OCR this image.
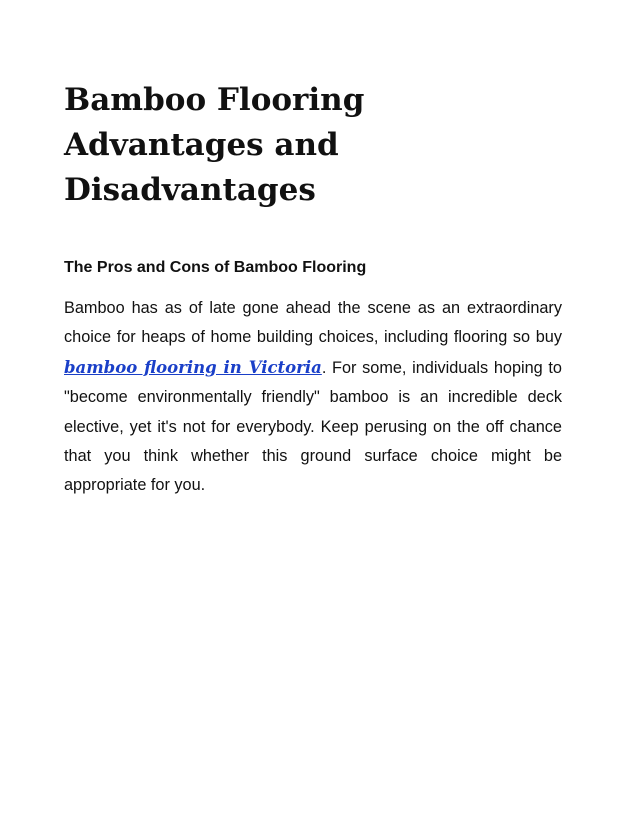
Bamboo Flooring Advantages and Disadvantages
The Pros and Cons of Bamboo Flooring

Bamboo has as of late gone ahead the scene as an extraordinary choice for heaps of home building choices, including flooring so buy bamboo flooring in Victoria. For some, individuals hoping to "become environmentally friendly" bamboo is an incredible deck elective, yet it's not for everybody. Keep perusing on the off chance that you think whether this ground surface choice might be appropriate for you.
